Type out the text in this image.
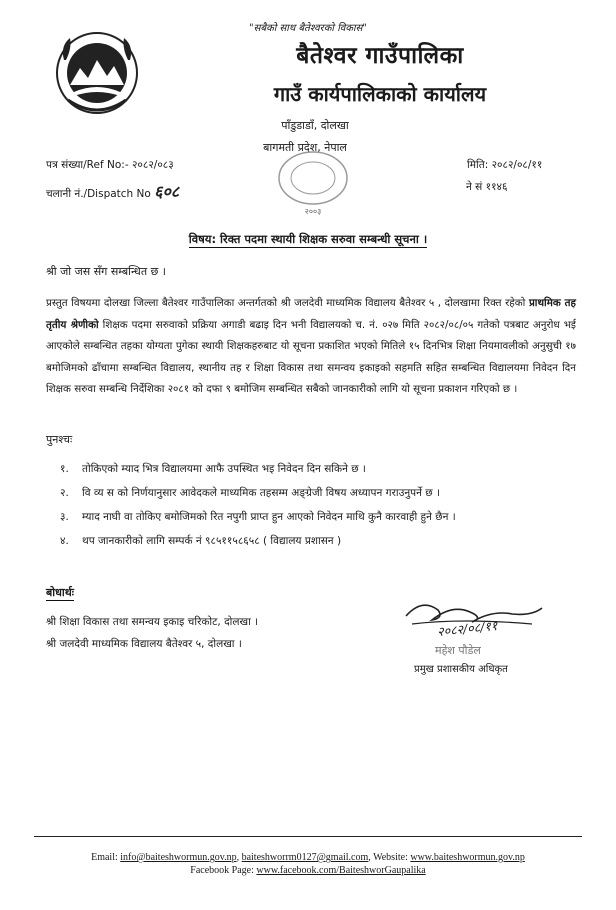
"सबैको साथ बैतेश्वरको विकास"
बैतेश्वर गाउँपालिका
गाउँ कार्यपालिकाको कार्यालय
पाँडुडाडाँ, दोलखा
बागमती प्रदेश, नेपाल
२००३
पत्र संख्या/Ref No:- २०८२/०८३
चलानी नं./Dispatch No ६०८
मिति: २०८२/०८/११
ने सं ११४६
विषय: रिक्त पदमा स्थायी शिक्षक सरुवा सम्बन्धी सूचना ।
श्री जो जस सँग सम्बन्धित छ ।
प्रस्तुत विषयमा दोलखा जिल्ला बैतेश्वर गाउँपालिका अन्तर्गतको श्री जलदेवी माध्यमिक विद्यालय बैतेश्वर ५ , दोलखामा रिक्त रहेको प्राथमिक तह तृतीय श्रेणीको शिक्षक पदमा सरुवाको प्रक्रिया अगाडी बढाइ दिन भनी विद्यालयको च. नं. ०२७ मिति २०८२/०८/०५ गतेको पत्रबाट अनुरोध भई आएकोले सम्बन्धित तहका योग्यता पुगेका स्थायी शिक्षकहरुबाट यो सूचना प्रकाशित भएको मितिले १५ दिनभित्र शिक्षा नियमावलीको अनुसुची १७ बमोजिमको ढाँचामा सम्बन्धित विद्यालय, स्थानीय तह र शिक्षा विकास तथा समन्वय इकाइको सहमति सहित सम्बन्धित विद्यालयमा निवेदन दिन शिक्षक सरुवा सम्बन्धि निर्देशिका २०८१ को दफा ९ बमोजिम सम्बन्धित सबैको जानकारीको लागि यो सूचना प्रकाशन गरिएको छ ।
पुनश्चः
१. तोकिएको म्याद भित्र विद्यालयमा आफै उपस्थित भइ निवेदन दिन सकिने छ ।
२. वि व्य स को निर्णयानुसार आवेदकले माध्यमिक तहसम्म अङ्ग्रेजी विषय अध्यापन गराउनुपर्ने छ ।
३. म्याद नाघी वा तोकिए बमोजिमको रित नपुगी प्राप्त हुन आएको निवेदन माथि कुनै कारवाही हुने छैन ।
४. थप जानकारीको लागि सम्पर्क नं ९८५११५८६५८ ( विद्यालय प्रशासन )
बोधार्थः
श्री शिक्षा विकास तथा समन्वय इकाइ चरिकोट, दोलखा ।
श्री जलदेवी माध्यमिक विद्यालय बैतेश्वर ५, दोलखा ।
२०८२/०८/११
महेश पौडेल
प्रमुख प्रशासकीय अधिकृत
Email: info@baiteshwormun.gov.np, baiteshworrm0127@gmail.com, Website: www.baiteshwormun.gov.np
Facebook Page: www.facebook.com/BaiteshworGaupalika
